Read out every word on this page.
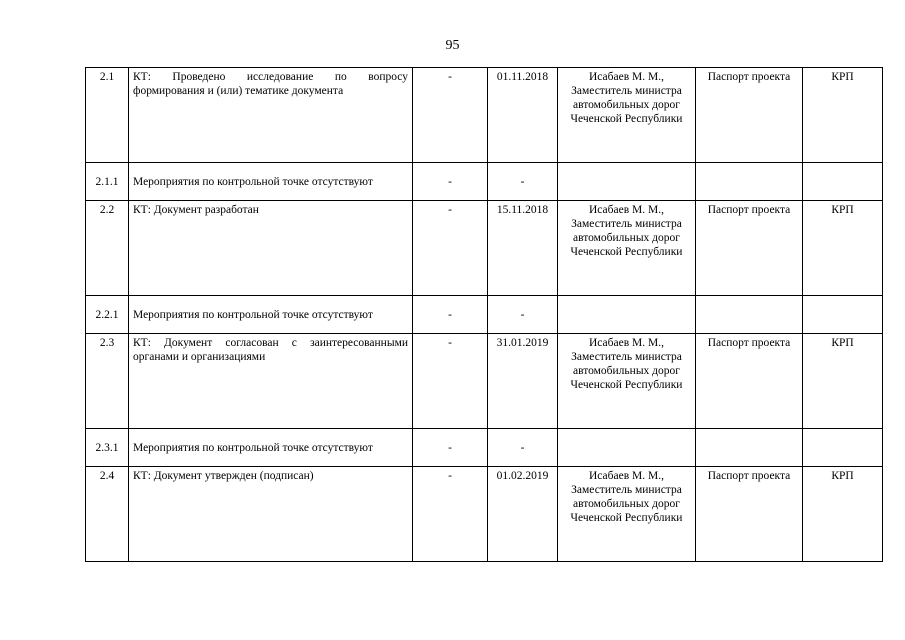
95
2.1	КТ: Проведено исследование по вопросу формирования и (или) тематике документа	-	01.11.2018	Исабаев М. М., Заместитель министра автомобильных дорог Чеченской Республики	Паспорт проекта	КРП
2.1.1	Мероприятия по контрольной точке отсутствуют	-	-			
2.2	КТ: Документ разработан	-	15.11.2018	Исабаев М. М., Заместитель министра автомобильных дорог Чеченской Республики	Паспорт проекта	КРП
2.2.1	Мероприятия по контрольной точке отсутствуют	-	-			
2.3	КТ: Документ согласован с заинтересованными органами и организациями	-	31.01.2019	Исабаев М. М., Заместитель министра автомобильных дорог Чеченской Республики	Паспорт проекта	КРП
2.3.1	Мероприятия по контрольной точке отсутствуют	-	-			
2.4	КТ: Документ утвержден (подписан)	-	01.02.2019	Исабаев М. М., Заместитель министра автомобильных дорог Чеченской Республики	Паспорт проекта	КРП
